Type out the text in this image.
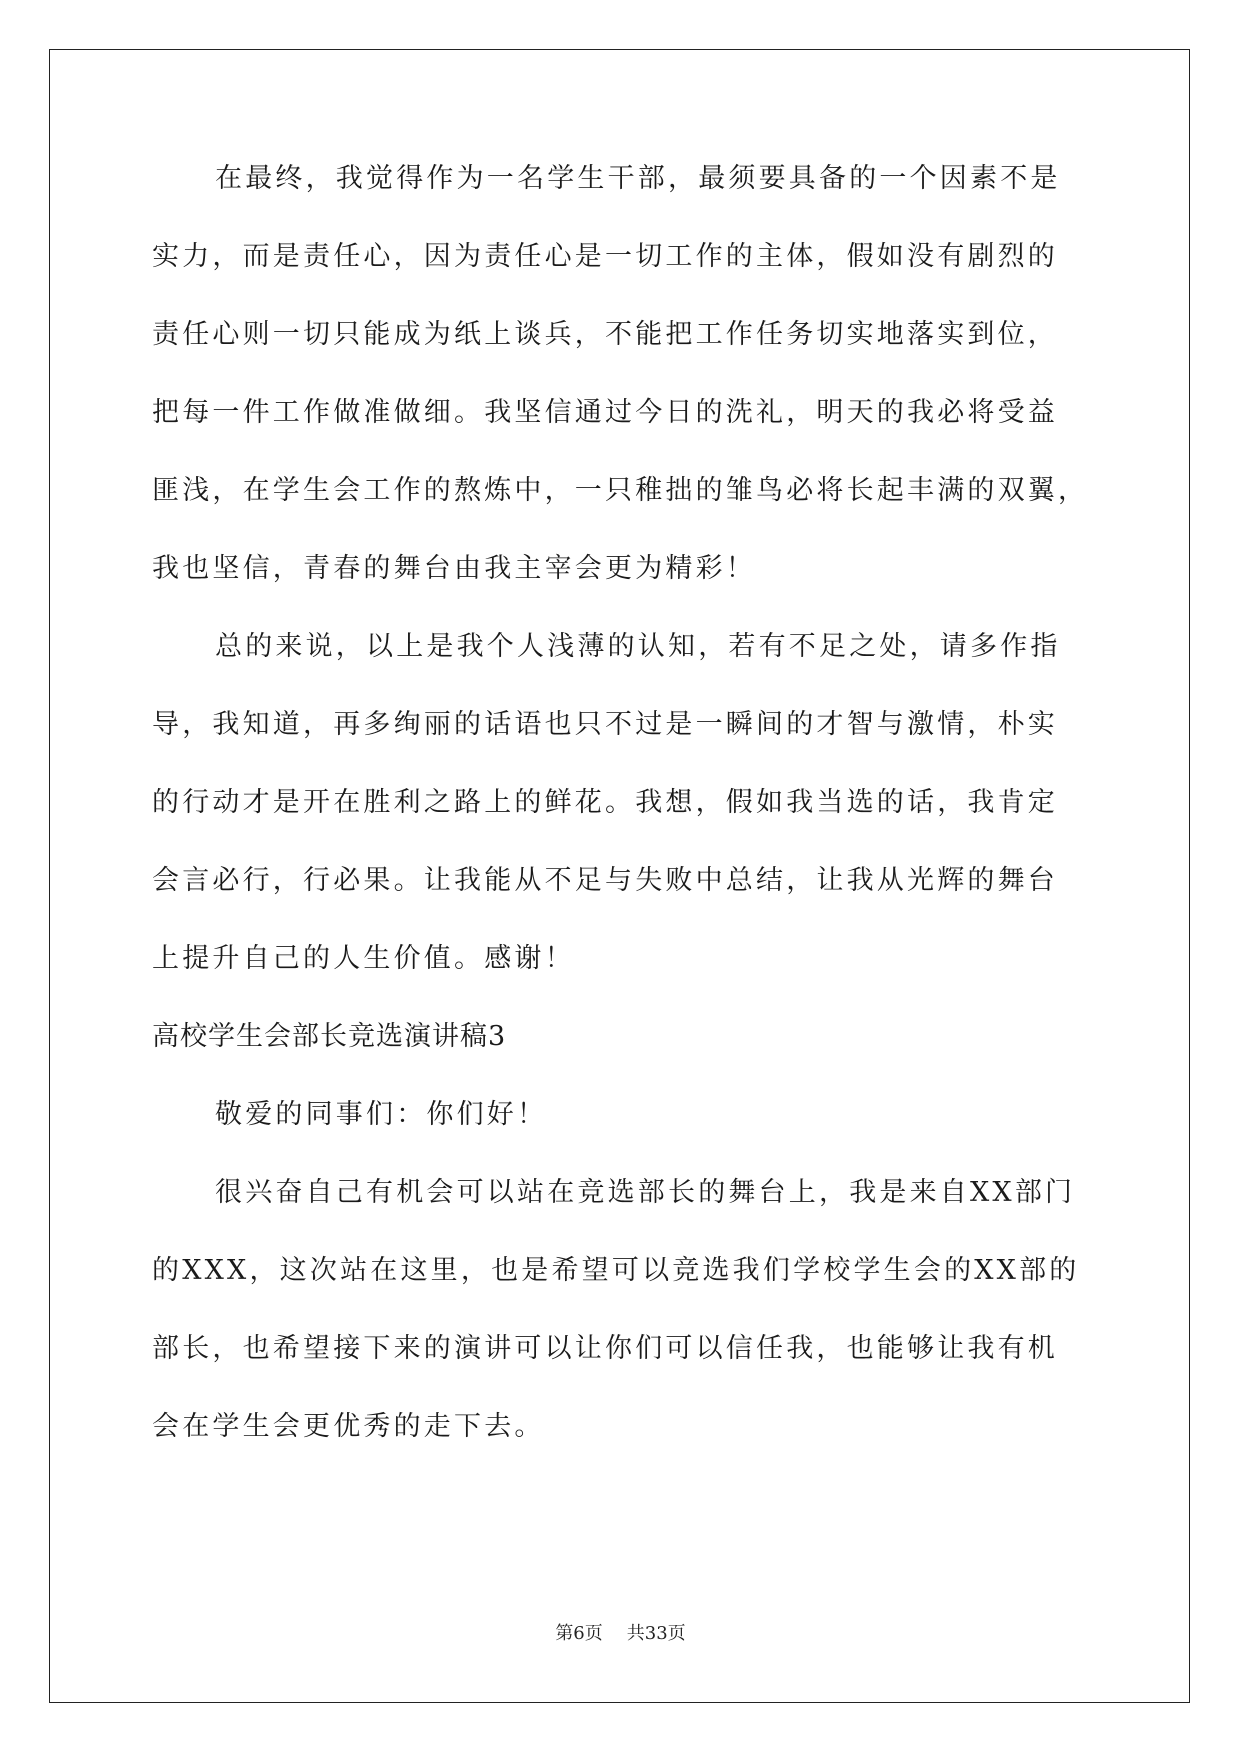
在最终，我觉得作为一名学生干部，最须要具备的一个因素不是
实力，而是责任心，因为责任心是一切工作的主体，假如没有剧烈的
责任心则一切只能成为纸上谈兵，不能把工作任务切实地落实到位，
把每一件工作做准做细。我坚信通过今日的洗礼，明天的我必将受益
匪浅，在学生会工作的熬炼中，一只稚拙的雏鸟必将长起丰满的双翼，
我也坚信，青春的舞台由我主宰会更为精彩！
总的来说，以上是我个人浅薄的认知，若有不足之处，请多作指
导，我知道，再多绚丽的话语也只不过是一瞬间的才智与激情，朴实
的行动才是开在胜利之路上的鲜花。我想，假如我当选的话，我肯定
会言必行，行必果。让我能从不足与失败中总结，让我从光辉的舞台
上提升自己的人生价值。感谢！
高校学生会部长竞选演讲稿3
敬爱的同事们：你们好！
很兴奋自己有机会可以站在竞选部长的舞台上，我是来自XX部门
的XXX，这次站在这里，也是希望可以竞选我们学校学生会的XX部的
部长，也希望接下来的演讲可以让你们可以信任我，也能够让我有机
会在学生会更优秀的走下去。
第6页 共33页
